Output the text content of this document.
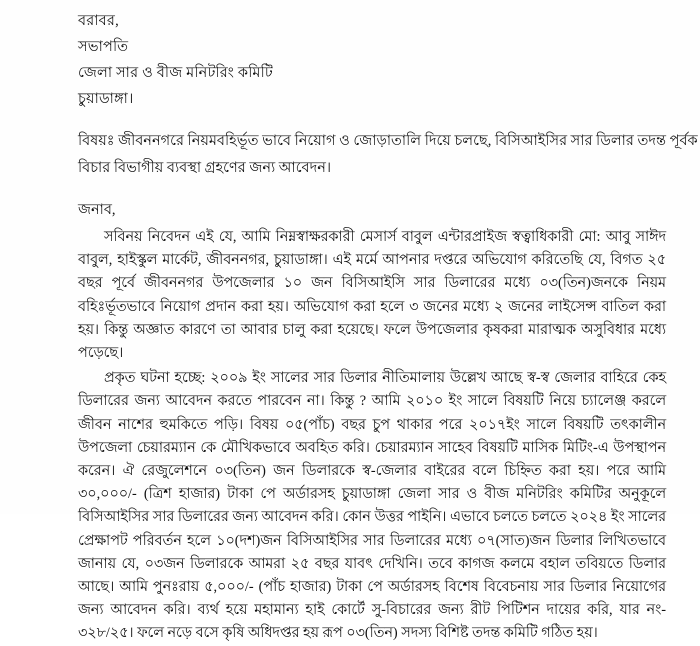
বরাবর,
সভাপতি
জেলা সার ও বীজ মনিটরিং কমিটি
চুয়াডাঙ্গা।
বিষয়ঃ জীবননগরে নিয়মবহির্ভূত ভাবে নিয়োগ ও জোড়াতালি দিয়ে চলছে, বিসিআইসির সার ডিলার তদন্ত পূর্বক
বিচার বিভাগীয় ব্যবস্থা গ্রহণের জন্য আবেদন।
জনাব,
সবিনয় নিবেদন এই যে, আমি নিম্নস্বাক্ষরকারী মেসার্স বাবুল এন্টারপ্রাইজ স্বত্বাধিকারী মো: আবু সাঈদ বাবুল, হাইস্কুল মার্কেট, জীবননগর, চুয়াডাঙ্গা। এই মর্মে আপনার দপ্তরে অভিযোগ করিতেছি যে, বিগত ২৫ বছর পূর্বে জীবননগর উপজেলার ১০ জন বিসিআইসি সার ডিলারের মধ্যে ০৩(তিন)জনকে নিয়ম বহিঃর্ভূতভাবে নিয়োগ প্রদান করা হয়। অভিযোগ করা হলে ৩ জনের মধ্যে ২ জনের লাইসেন্স বাতিল করা হয়। কিন্তু অজ্ঞাত কারণে তা আবার চালু করা হয়েছে। ফলে উপজেলার কৃষকরা মারাত্মক অসুবিধার মধ্যে পড়েছে।
প্রকৃত ঘটনা হচ্ছে: ২০০৯ ইং সালের সার ডিলার নীতিমালায় উল্লেখ আছে স্ব-স্ব জেলার বাহিরে কেহ ডিলারের জন্য আবেদন করতে পারবেন না। কিন্তু ? আমি ২০১০ ইং সালে বিষয়টি নিয়ে চ্যালেঞ্জ করলে জীবন নাশের হুমকিতে পড়ি। বিষয় ০৫(পাঁচ) বছর চুপ থাকার পরে ২০১৭ইং সালে বিষয়টি তৎকালীন উপজেলা চেয়ারম্যান কে মৌখিকভাবে অবহিত করি। চেয়ারম্যান সাহেব বিষয়টি মাসিক মিটিং-এ উপস্থাপন করেন। ঐ রেজুলেশনে ০৩(তিন) জন ডিলারকে স্ব-জেলার বাইরের বলে চিহ্নিত করা হয়। পরে আমি ৩০,০০০/- (ত্রিশ হাজার) টাকা পে অর্ডারসহ চুয়াডাঙ্গা জেলা সার ও বীজ মনিটরিং কমিটির অনুকূলে বিসিআইসির সার ডিলারের জন্য আবেদন করি। কোন উত্তর পাইনি। এভাবে চলতে চলতে ২০২৪ ইং সালের প্রেক্ষাপট পরিবর্তন হলে ১০(দশ)জন বিসিআইসির সার ডিলারের মধ্যে ০৭(সাত)জন ডিলার লিখিতভাবে জানায় যে, ০৩জন ডিলারকে আমরা ২৫ বছর যাবৎ দেখিনি। তবে কাগজ কলমে বহাল তবিয়তে ডিলার আছে। আমি পুনঃরায় ৫,০০০/- (পাঁচ হাজার) টাকা পে অর্ডারসহ বিশেষ বিবেচনায় সার ডিলার নিয়োগের জন্য আবেদন করি। ব্যর্থ হয়ে মহামান্য হাই কোর্টে সু-বিচারের জন্য রীট পিটিশন দায়ের করি, যার নং- ৩২৮/২৫। ফলে নড়ে বসে কৃষি অধিদপ্তর হয় রূপ ০৩(তিন) সদস্য বিশিষ্ট তদন্ত কমিটি গঠিত হয়।
